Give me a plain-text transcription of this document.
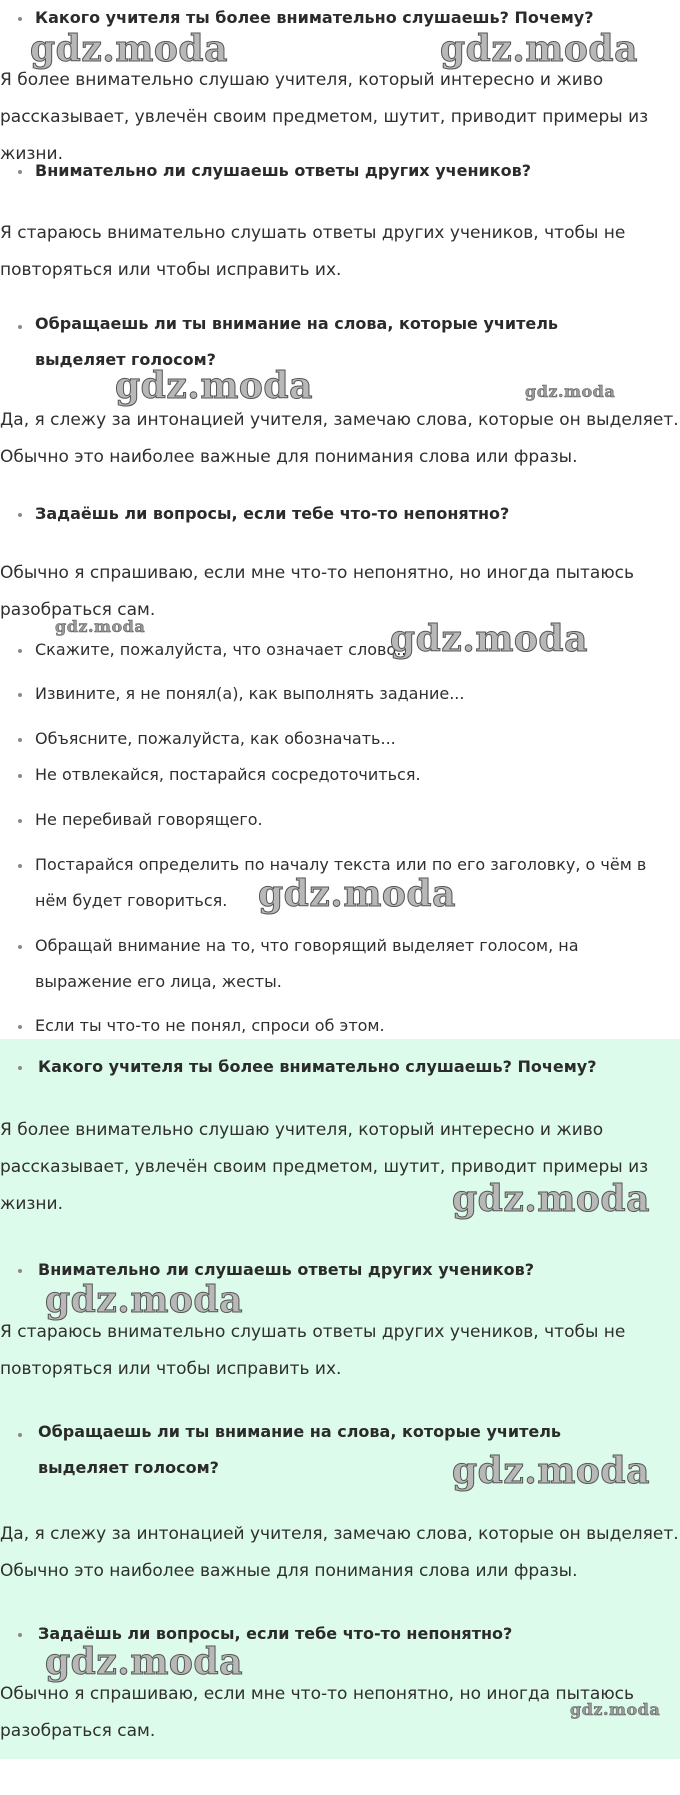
Какого учителя ты более внимательно слушаешь? Почему?

Я более внимательно слушаю учителя, который интересно и живо рассказывает, увлечён своим предметом, шутит, приводит примеры из жизни.

Внимательно ли слушаешь ответы других учеников?

Я стараюсь внимательно слушать ответы других учеников, чтобы не повторяться или чтобы исправить их.

Обращаешь ли ты внимание на слова, которые учитель выделяет голосом?

Да, я слежу за интонацией учителя, замечаю слова, которые он выделяет. Обычно это наиболее важные для понимания слова или фразы.

Задаёшь ли вопросы, если тебе что-то непонятно?

Обычно я спрашиваю, если мне что-то непонятно, но иногда пытаюсь разобраться сам.

Скажите, пожалуйста, что означает слово...

Извините, я не понял(а), как выполнять задание...

Объясните, пожалуйста, как обозначать...

Не отвлекайся, постарайся сосредоточиться.

Не перебивай говорящего.

Постарайся определить по началу текста или по его заголовку, о чём в нём будет говориться.

Обращай внимание на то, что говорящий выделяет голосом, на выражение его лица, жесты.

Если ты что-то не понял, спроси об этом.

Какого учителя ты более внимательно слушаешь? Почему?

Я более внимательно слушаю учителя, который интересно и живо рассказывает, увлечён своим предметом, шутит, приводит примеры из жизни.

Внимательно ли слушаешь ответы других учеников?

Я стараюсь внимательно слушать ответы других учеников, чтобы не повторяться или чтобы исправить их.

Обращаешь ли ты внимание на слова, которые учитель выделяет голосом?

Да, я слежу за интонацией учителя, замечаю слова, которые он выделяет. Обычно это наиболее важные для понимания слова или фразы.

Задаёшь ли вопросы, если тебе что-то непонятно?

Обычно я спрашиваю, если мне что-то непонятно, но иногда пытаюсь разобраться сам.

gdz.moda	gdz.moda
gdz.moda	gdz.moda
gdz.moda	gdz.moda
gdz.moda
gdz.moda
gdz.moda
gdz.moda
gdz.moda
gdz.moda
